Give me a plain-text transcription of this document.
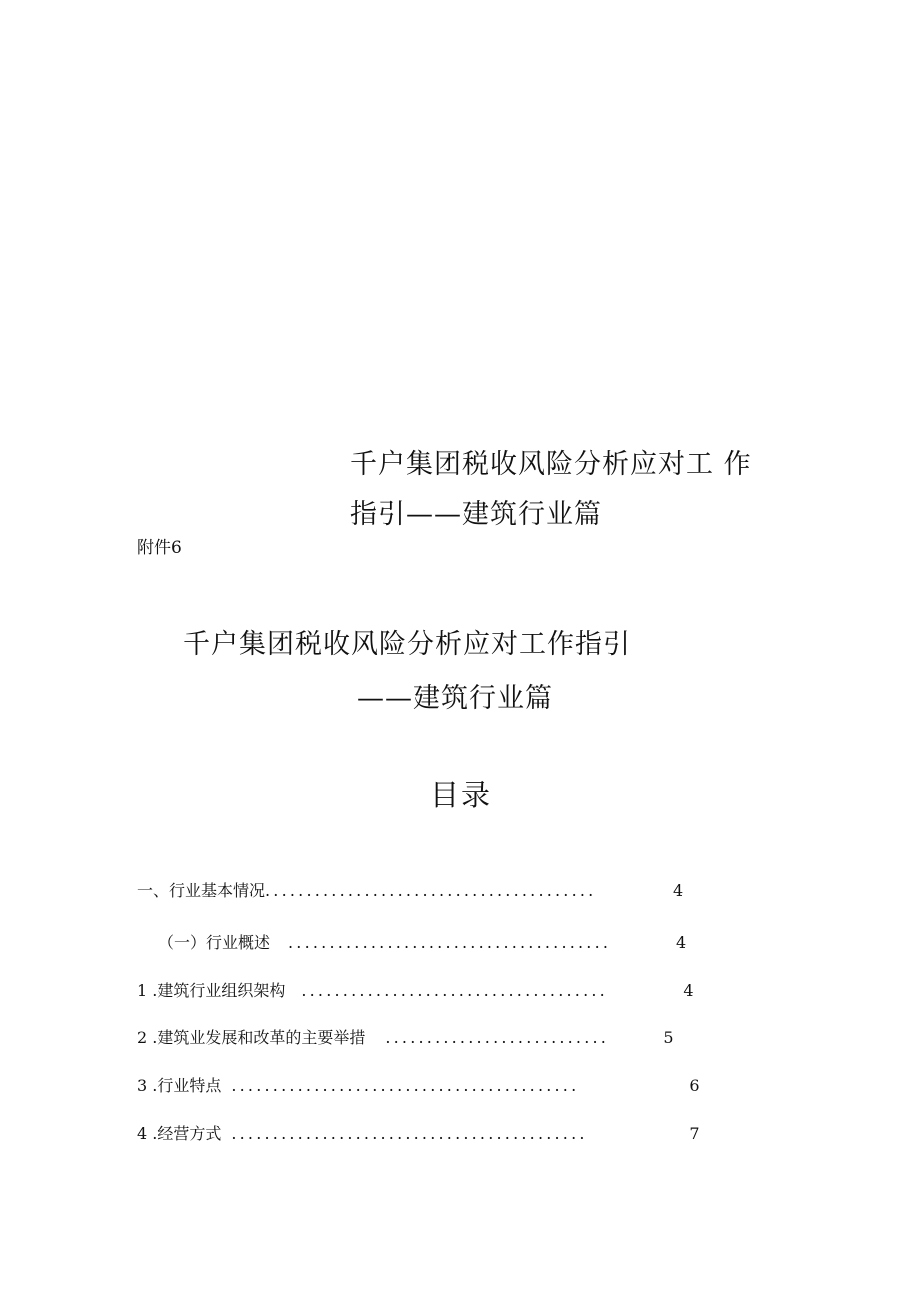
千户集团税收风险分析应对工 作
指引——建筑行业篇
附件6
千户集团税收风险分析应对工作指引
——建筑行业篇
目录
一、行业基本情况 ........................................	4
（一）行业概述	.......................................	4
1 .建筑行业组织架构	.....................................	4
2 .建筑业发展和改革的主要举措	...........................	5
3 .行业特点 ..........................................	6
4 .经营方式 ...........................................	7
